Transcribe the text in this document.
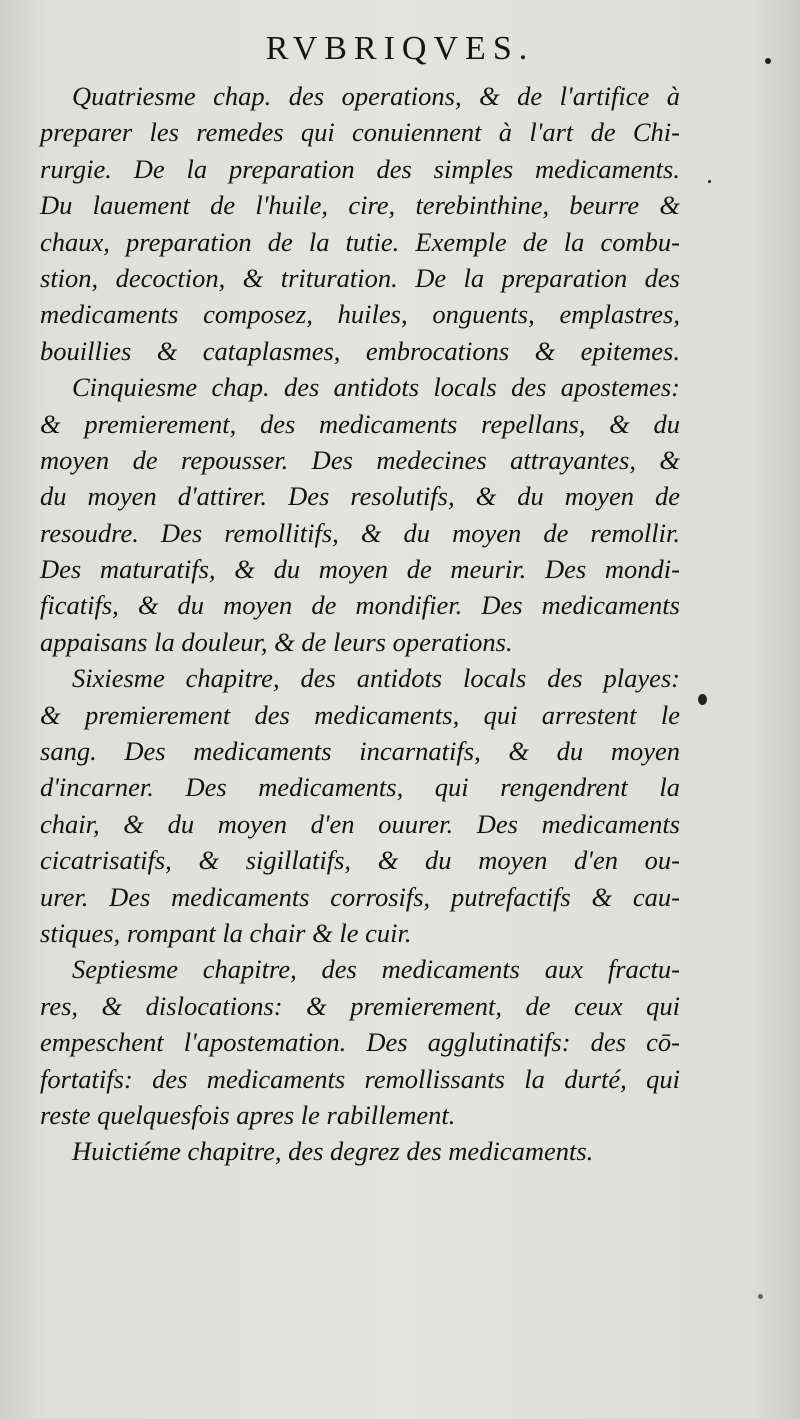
RVBRIQVES.
Quatriesme chap. des operations, & de l'artifice à
preparer les remedes qui conuiennent à l'art de Chi-
rurgie. De la preparation des simples medicaments.
Du lauement de l'huile, cire, terebinthine, beurre &
chaux, preparation de la tutie. Exemple de la combu-
stion, decoction, & trituration. De la preparation des
medicaments composez, huiles, onguents, emplastres,
bouillies & cataplasmes, embrocations & epitemes.
Cinquiesme chap. des antidots locals des apostemes:
& premierement, des medicaments repellans, & du
moyen de repousser. Des medecines attrayantes, &
du moyen d'attirer. Des resolutifs, & du moyen de
resoudre. Des remollitifs, & du moyen de remollir.
Des maturatifs, & du moyen de meurir. Des mondi-
ficatifs, & du moyen de mondifier. Des medicaments
appaisans la douleur, & de leurs operations.
Sixiesme chapitre, des antidots locals des playes:
& premierement des medicaments, qui arrestent le
sang. Des medicaments incarnatifs, & du moyen
d'incarner. Des medicaments, qui rengendrent la
chair, & du moyen d'en ouurer. Des medicaments
cicatrisatifs, & sigillatifs, & du moyen d'en ou-
urer. Des medicaments corrosifs, putrefactifs & cau-
stiques, rompant la chair & le cuir.
Septiesme chapitre, des medicaments aux fractu-
res, & dislocations: & premierement, de ceux qui
empeschent l'apostemation. Des agglutinatifs: des cō-
fortatifs: des medicaments remollissants la durté, qui
reste quelquesfois apres le rabillement.
Huictiéme chapitre, des degrez des medicaments.
